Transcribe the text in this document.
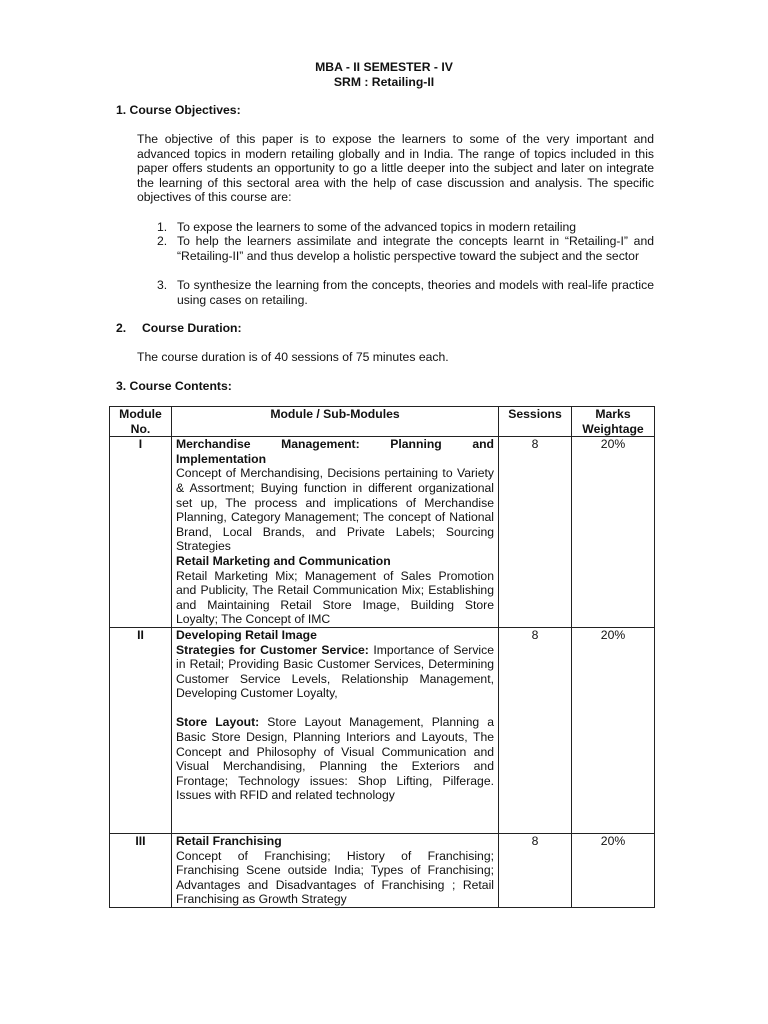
MBA - II SEMESTER - IV
SRM : Retailing-II
1. Course Objectives:
The objective of this paper is to expose the learners to some of the very important and advanced topics in modern retailing globally and in India. The range of topics included in this paper offers students an opportunity to go a little deeper into the subject and later on integrate the learning of this sectoral area with the help of case discussion and analysis. The specific objectives of this course are:
1. To expose the learners to some of the advanced topics in modern retailing
2. To help the learners assimilate and integrate the concepts learnt in “Retailing-I” and “Retailing-II” and thus develop a holistic perspective toward the subject and the sector
3. To synthesize the learning from the concepts, theories and models with real-life practice using cases on retailing.
2. Course Duration:
The course duration is of 40 sessions of 75 minutes each.
3. Course Contents:
Module No.	Module / Sub-Modules	Sessions	Marks Weightage
I	Merchandise Management: Planning and Implementation
Concept of Merchandising, Decisions pertaining to Variety & Assortment; Buying function in different organizational set up, The process and implications of Merchandise Planning, Category Management; The concept of National Brand, Local Brands, and Private Labels; Sourcing Strategies
Retail Marketing and Communication
Retail Marketing Mix; Management of Sales Promotion and Publicity, The Retail Communication Mix; Establishing and Maintaining Retail Store Image, Building Store Loyalty; The Concept of IMC	8	20%
II	Developing Retail Image
Strategies for Customer Service: Importance of Service in Retail; Providing Basic Customer Services, Determining Customer Service Levels, Relationship Management, Developing Customer Loyalty,
Store Layout: Store Layout Management, Planning a Basic Store Design, Planning Interiors and Layouts, The Concept and Philosophy of Visual Communication and Visual Merchandising, Planning the Exteriors and Frontage; Technology issues: Shop Lifting, Pilferage. Issues with RFID and related technology	8	20%
III	Retail Franchising
Concept of Franchising; History of Franchising; Franchising Scene outside India; Types of Franchising; Advantages and Disadvantages of Franchising ; Retail Franchising as Growth Strategy	8	20%
